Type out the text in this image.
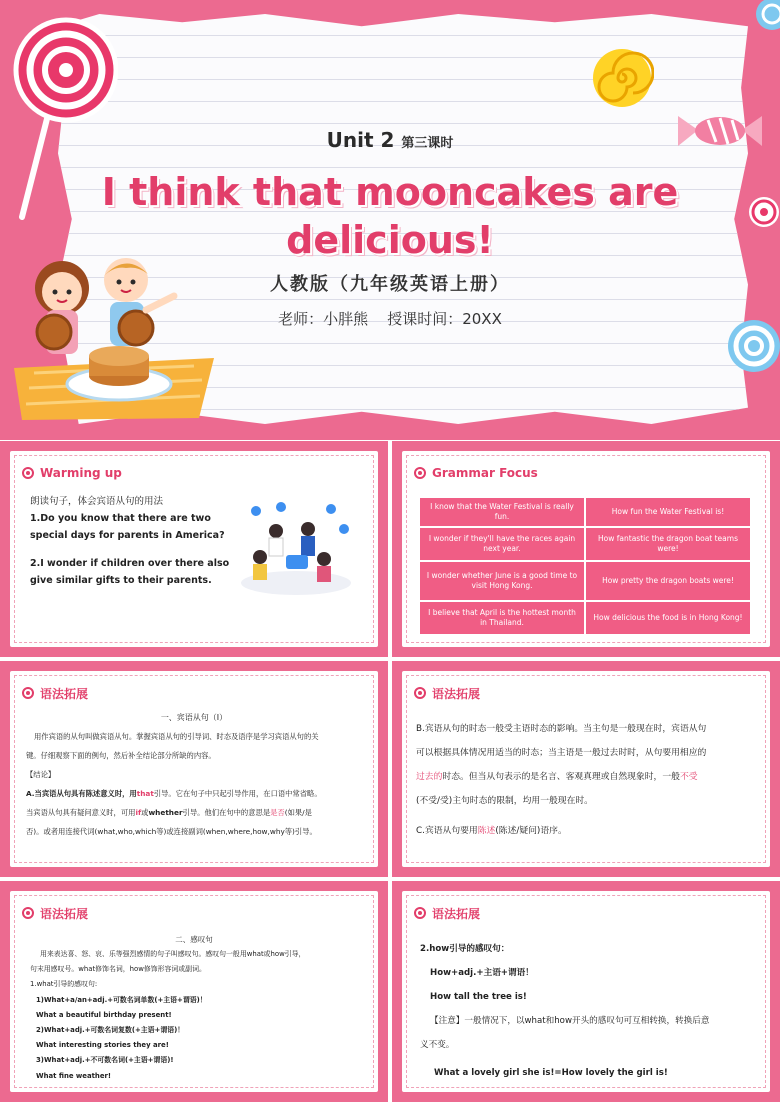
Unit 2 第三课时
I think that mooncakes are
delicious!
人教版（九年级英语上册）
老师：小胖熊 授课时间：20XX
Warming up
朗读句子，体会宾语从句的用法
1.Do you know that there are two
special days for parents in America?
2.I wonder if children over there also
give similar gifts to their parents.
Grammar Focus
I know that the Water Festival is really fun.	How fun the Water Festival is!
I wonder if they'll have the races again next year.	How fantastic the dragon boat teams were!
I wonder whether June is a good time to visit Hong Kong.	How pretty the dragon boats were!
I believe that April is the hottest month in Thailand.	How delicious the food is in Hong Kong!
语法拓展
一、宾语从句（Ⅰ）
用作宾语的从句叫做宾语从句。掌握宾语从句的引导词、时态及语序是学习宾语从句的关
键。仔细观察下面的例句，然后补全结论部分所缺的内容。
【结论】
A.当宾语从句具有陈述意义时，用that引导。它在句子中只起引导作用，在口语中常省略。
当宾语从句具有疑问意义时，可用if或whether引导。他们在句中的意思是是否(如果/是
否)。或者用连接代词(what,who,which等)或连接副词(when,where,how,why等)引导。
语法拓展
B.宾语从句的时态一般受主语时态的影响。当主句是一般现在时，宾语从句
可以根据具体情况用适当的时态；当主语是一般过去时时，从句要用相应的
过去的时态。但当从句表示的是名言、客观真理或自然现象时，一般不受
(不受/受)主句时态的限制，均用一般现在时。
C.宾语从句要用陈述(陈述/疑问)语序。
语法拓展
二、感叹句
用来表达喜、怒、哀、乐等强烈感情的句子叫感叹句。感叹句一般用what或how引导，
句末用感叹号。what修饰名词，how修饰形容词或副词。
1.what引导的感叹句:
1)What+a/an+adj.+可数名词单数(+主语+谓语)！
What a beautiful birthday present!
2)What+adj.+可数名词复数(+主语+谓语)！
What interesting stories they are!
3)What+adj.+不可数名词(+主语+谓语)!
What fine weather!
语法拓展
2.how引导的感叹句：
How+adj.+主语+谓语！
How tall the tree is!
【注意】一般情况下，以what和how开头的感叹句可互相转换，转换后意
义不变。
What a lovely girl she is!=How lovely the girl is!
